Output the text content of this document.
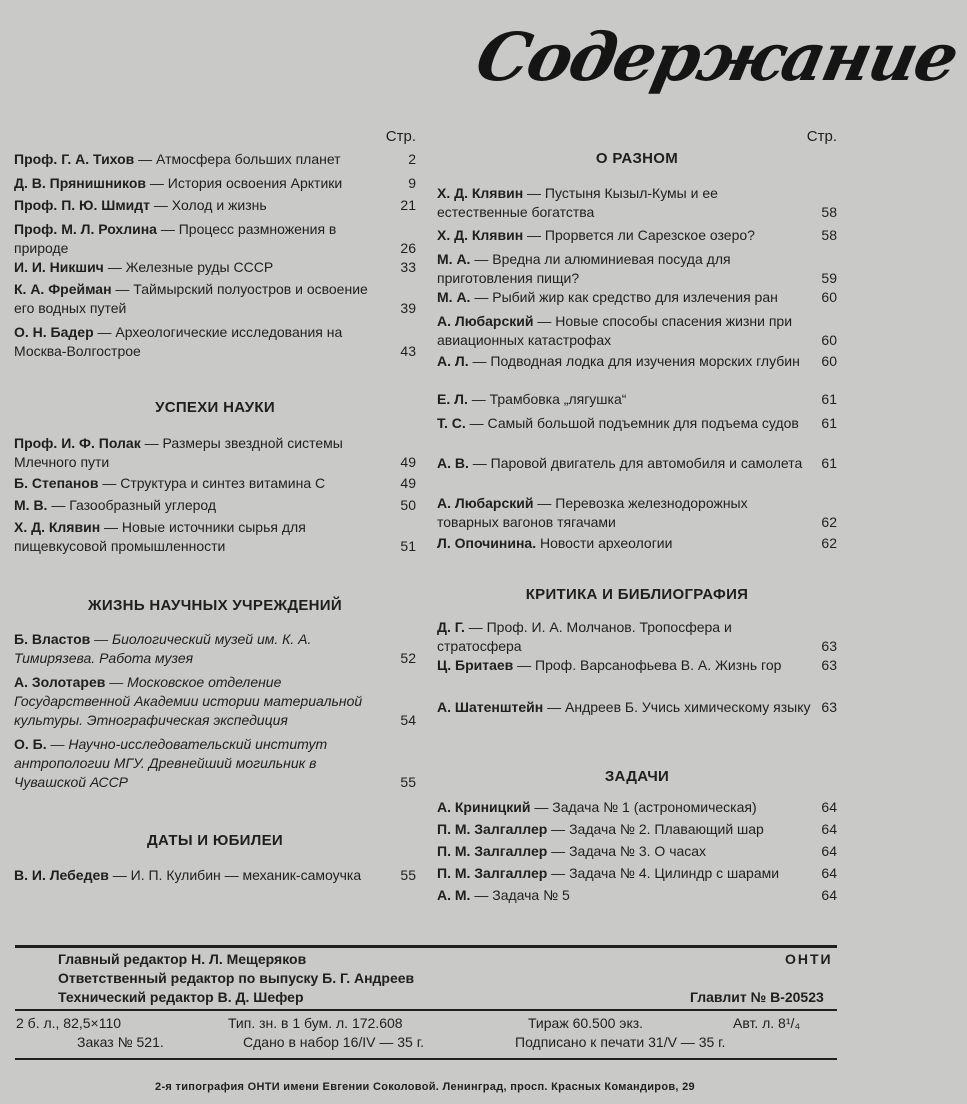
Содержание
Стр.
Проф. Г. А. Тихов — Атмосфера больших планет	2
Д. В. Прянишников — История освоения Арктики	9
Проф. П. Ю. Шмидт — Холод и жизнь	21
Проф. М. Л. Рохлина — Процесс размножения в природе	26
И. И. Никшич — Железные руды СССР	33
К. А. Фрейман — Таймырский полуостров и освоение его водных путей	39
О. Н. Бадер — Археологические исследования на Москва-Волгострое	43
УСПЕХИ НАУКИ
Проф. И. Ф. Полак — Размеры звездной системы Млечного пути	49
Б. Степанов — Структура и синтез витамина С	49
М. В. — Газообразный углерод	50
Х. Д. Клявин — Новые источники сырья для пищевкусовой промышленности	51
ЖИЗНЬ НАУЧНЫХ УЧРЕЖДЕНИЙ
Б. Властов — Биологический музей им. К. А. Тимирязева. Работа музея	52
А. Золотарев — Московское отделение Государственной Академии истории материальной культуры. Этнографическая экспедиция	54
О. Б. — Научно-исследовательский институт антропологии МГУ. Древнейший могильник в Чувашской АССР	55
ДАТЫ И ЮБИЛЕИ
В. И. Лебедев — И. П. Кулибин — механик-самоучка	55
Стр.
О РАЗНОМ
Х. Д. Клявин — Пустыня Кызыл-Кумы и ее естественные богатства	58
Х. Д. Клявин — Прорвется ли Сарезское озеро?	58
М. А. — Вредна ли алюминиевая посуда для приготовления пищи?	59
М. А. — Рыбий жир как средство для излечения ран	60
А. Любарский — Новые способы спасения жизни при авиационных катастрофах	60
А. Л. — Подводная лодка для изучения морских глубин	60
Е. Л. — Трамбовка „лягушка“	61
Т. С. — Самый большой подъемник для подъема судов	61
А. В. — Паровой двигатель для автомобиля и самолета	61
А. Любарский — Перевозка железнодорожных товарных вагонов тягачами	62
Л. Опочинина. Новости археологии	62
КРИТИКА И БИБЛИОГРАФИЯ
Д. Г. — Проф. И. А. Молчанов. Тропосфера и стратосфера	63
Ц. Бритаев — Проф. Варсанофьева В. А. Жизнь гор	63
А. Шатенштейн — Андреев Б. Учись химическому языку 63
ЗАДАЧИ
А. Криницкий — Задача № 1 (астрономическая)	64
П. М. Залгаллер — Задача № 2. Плавающий шар	64
П. М. Залгаллер — Задача № 3. О часах	64
П. М. Залгаллер — Задача № 4. Цилиндр с шарами	64
А. М. — Задача № 5	64
Главный редактор Н. Л. Мещеряков
Ответственный редактор по выпуску Б. Г. Андреев
Технический редактор В. Д. Шефер
ОНТИ
Главлит № В-20523
2 б. л., 82,5×110	Тип. зн. в 1 бум. л. 172.608	Тираж 60.500 экз.	Авт. л. 8¹/₄
Заказ № 521.	Сдано в набор 16/IV — 35 г.	Подписано к печати 31/V — 35 г.
2-я типография ОНТИ имени Евгении Соколовой. Ленинград, просп. Красных Командиров, 29
